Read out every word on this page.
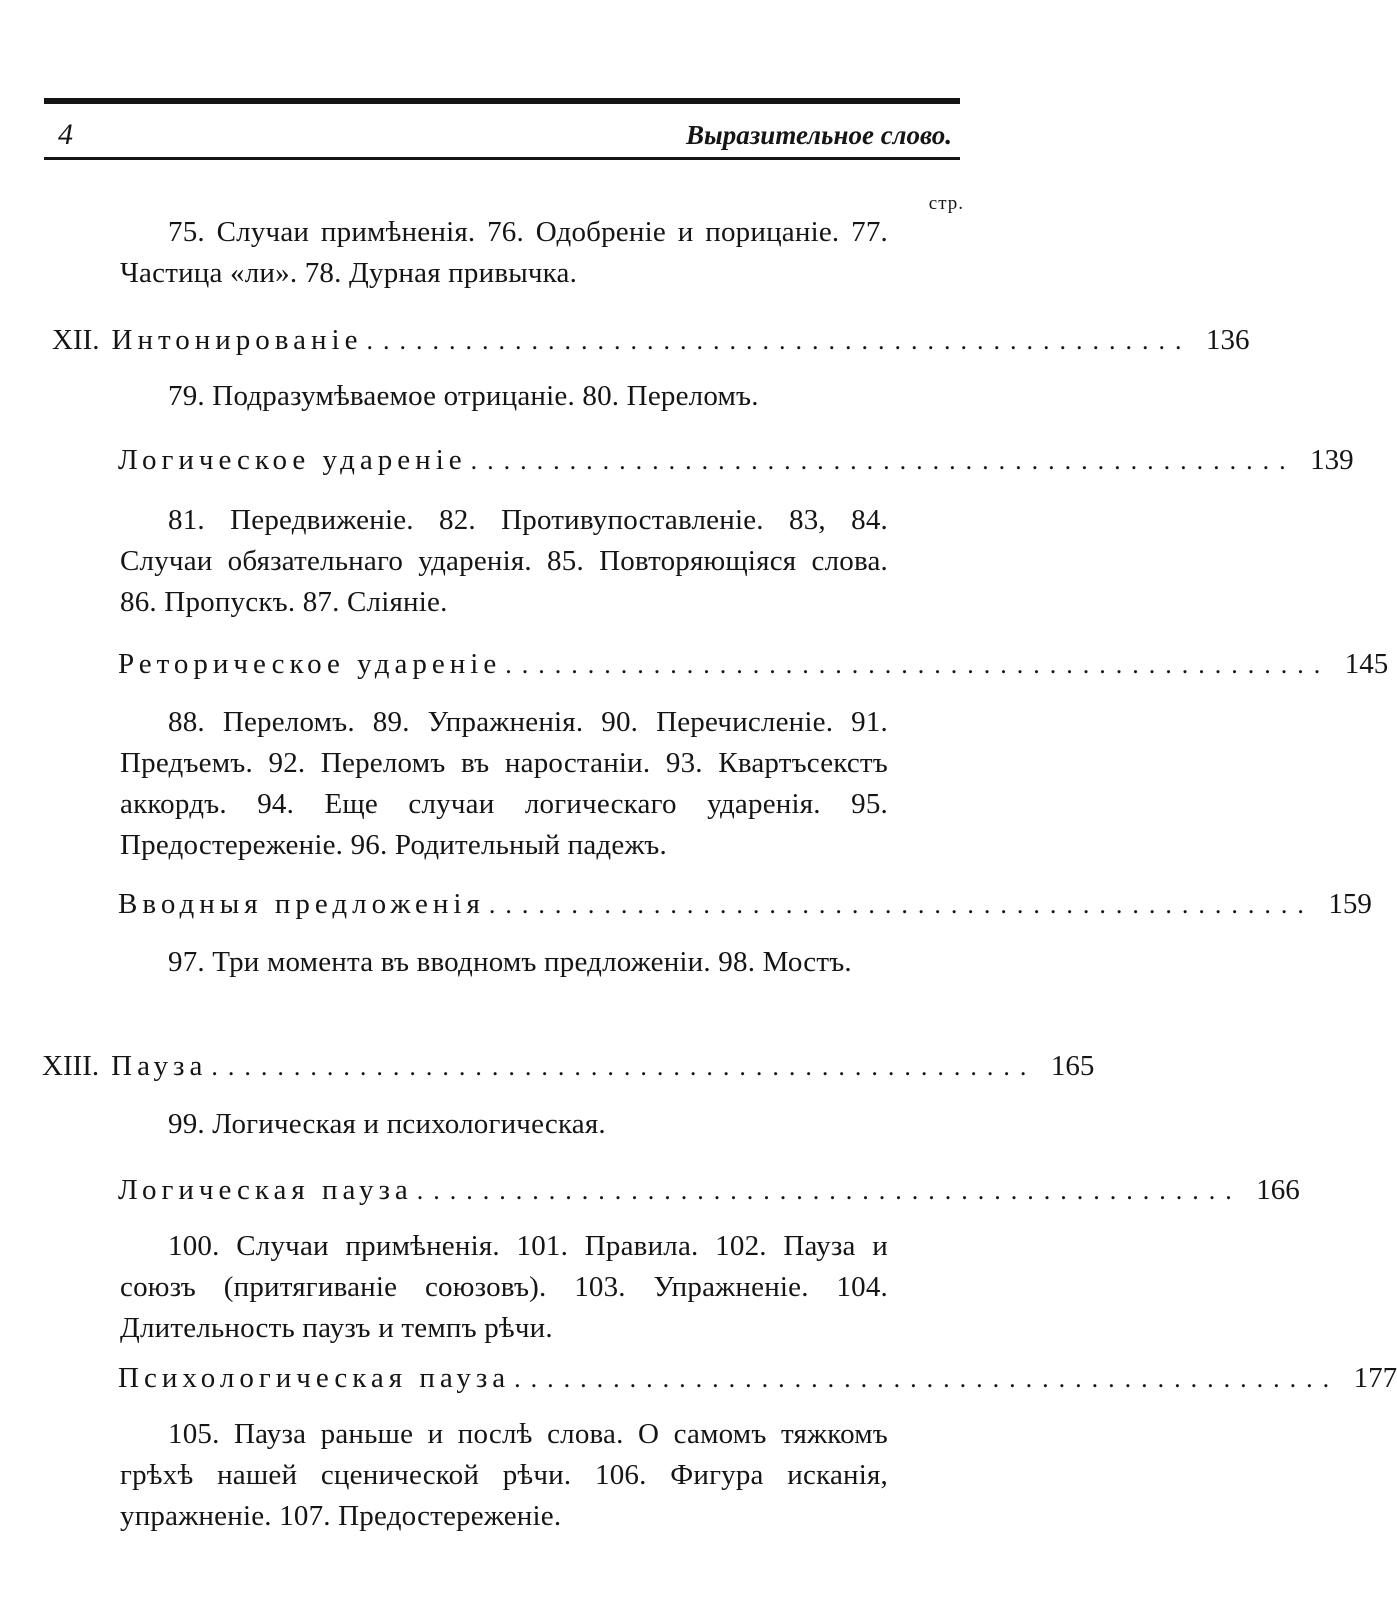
4	Выразительное слово.
стр.

75. Случаи примѣненія. 76. Одобреніе и порицаніе. 77. Частица «ли». 78. Дурная привычка.

XII. Интонированіе .................................................. 136

79. Подразумѣваемое отрицаніе. 80. Переломъ.

Логическое удареніе .................................................. 139

81. Передвиженіе. 82. Противупоставленіе. 83, 84. Случаи обязательнаго ударенія. 85. Повторяющіяся слова. 86. Пропускъ. 87. Сліяніе.

Реторическое удареніе .................................................. 145

88. Переломъ. 89. Упражненія. 90. Перечисленіе. 91. Предъемъ. 92. Переломъ въ наростаніи. 93. Квартъсекстъ аккордъ. 94. Еще случаи логическаго ударенія. 95. Предостереженіе. 96. Родительный падежъ.

Вводныя предложенія .................................................. 159

97. Три момента въ вводномъ предложеніи. 98. Мостъ.

XIII. Пауза .................................................. 165

99. Логическая и психологическая.

Логическая пауза .................................................. 166

100. Случаи примѣненія. 101. Правила. 102. Пауза и союзъ (притягиваніе союзовъ). 103. Упражненіе. 104. Длительность паузъ и темпъ рѣчи.

Психологическая пауза .................................................. 177

105. Пауза раньше и послѣ слова. О самомъ тяжкомъ грѣхѣ нашей сценической рѣчи. 106. Фигура исканія, упражненіе. 107. Предостереженіе.
